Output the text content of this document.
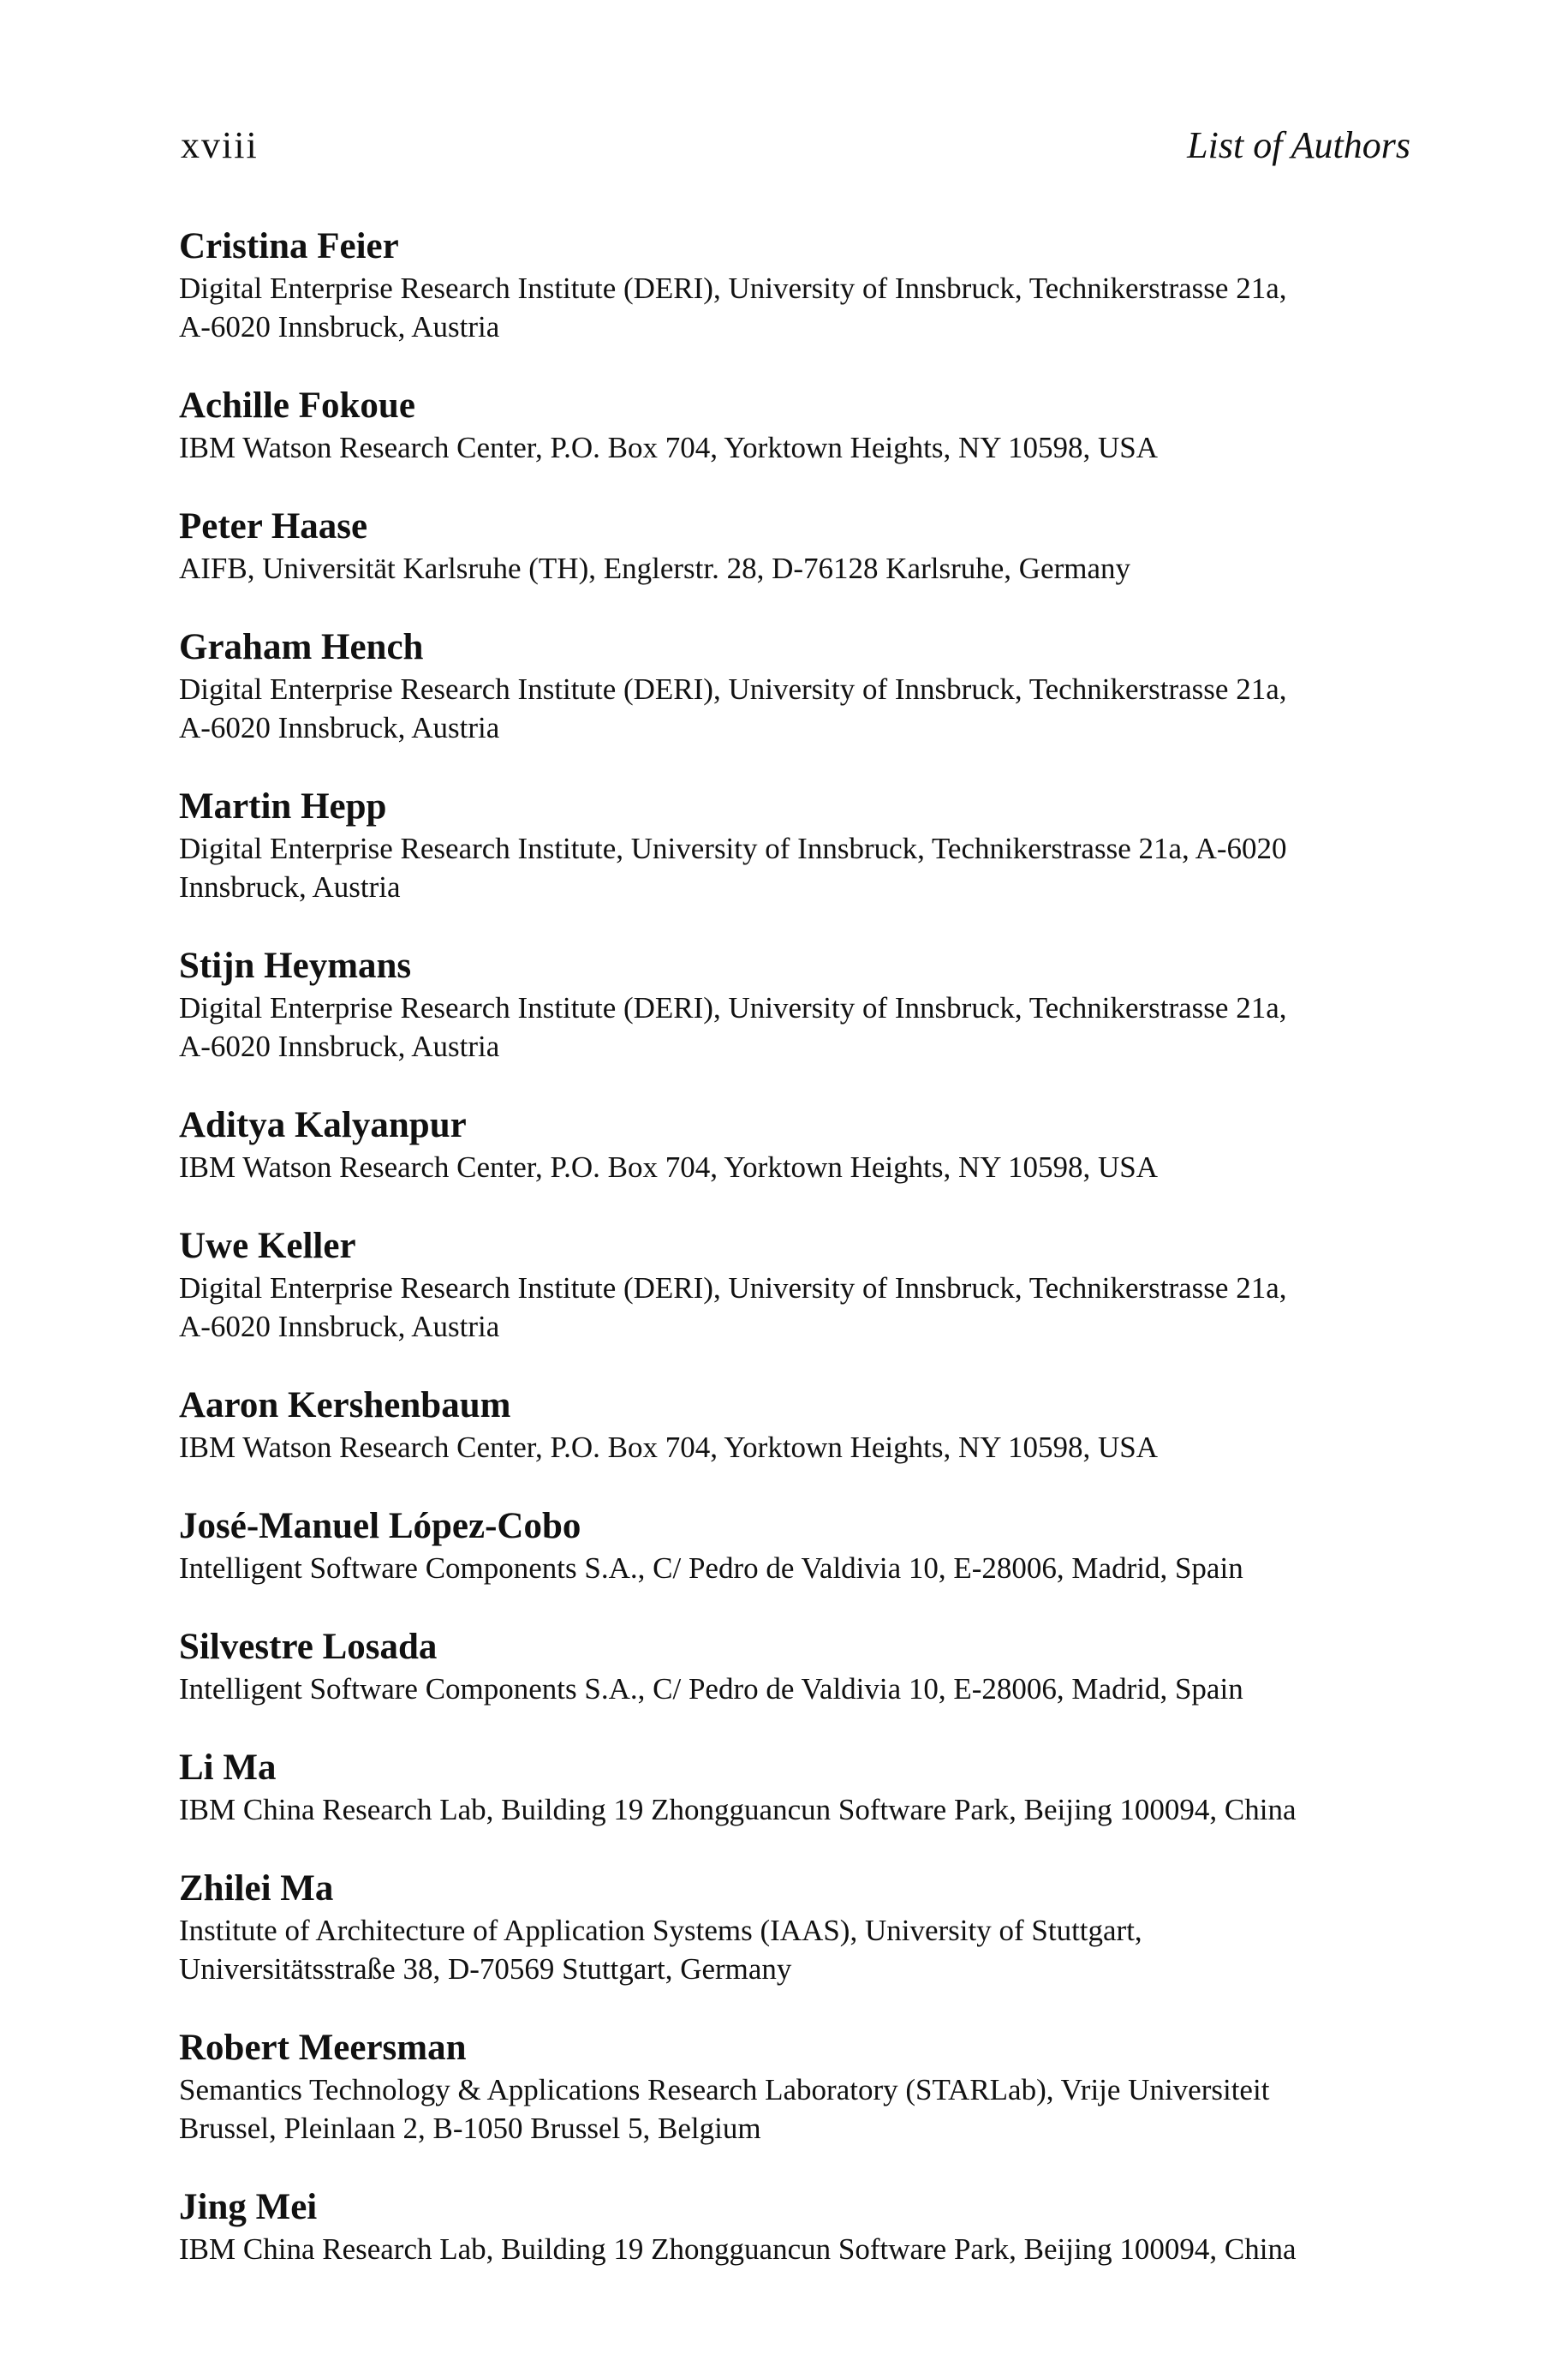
xviii	List of Authors
Cristina Feier
Digital Enterprise Research Institute (DERI), University of Innsbruck, Technikerstrasse 21a,
A-6020 Innsbruck, Austria
Achille Fokoue
IBM Watson Research Center, P.O. Box 704, Yorktown Heights, NY 10598, USA
Peter Haase
AIFB, Universität Karlsruhe (TH), Englerstr. 28, D-76128 Karlsruhe, Germany
Graham Hench
Digital Enterprise Research Institute (DERI), University of Innsbruck, Technikerstrasse 21a,
A-6020 Innsbruck, Austria
Martin Hepp
Digital Enterprise Research Institute, University of Innsbruck, Technikerstrasse 21a, A-6020
Innsbruck, Austria
Stijn Heymans
Digital Enterprise Research Institute (DERI), University of Innsbruck, Technikerstrasse 21a,
A-6020 Innsbruck, Austria
Aditya Kalyanpur
IBM Watson Research Center, P.O. Box 704, Yorktown Heights, NY 10598, USA
Uwe Keller
Digital Enterprise Research Institute (DERI), University of Innsbruck, Technikerstrasse 21a,
A-6020 Innsbruck, Austria
Aaron Kershenbaum
IBM Watson Research Center, P.O. Box 704, Yorktown Heights, NY 10598, USA
José-Manuel López-Cobo
Intelligent Software Components S.A., C/ Pedro de Valdivia 10, E-28006, Madrid, Spain
Silvestre Losada
Intelligent Software Components S.A., C/ Pedro de Valdivia 10, E-28006, Madrid, Spain
Li Ma
IBM China Research Lab, Building 19 Zhongguancun Software Park, Beijing 100094, China
Zhilei Ma
Institute of Architecture of Application Systems (IAAS), University of Stuttgart,
Universitätsstraße 38, D-70569 Stuttgart, Germany
Robert Meersman
Semantics Technology & Applications Research Laboratory (STARLab), Vrije Universiteit
Brussel, Pleinlaan 2, B-1050 Brussel 5, Belgium
Jing Mei
IBM China Research Lab, Building 19 Zhongguancun Software Park, Beijing 100094, China
